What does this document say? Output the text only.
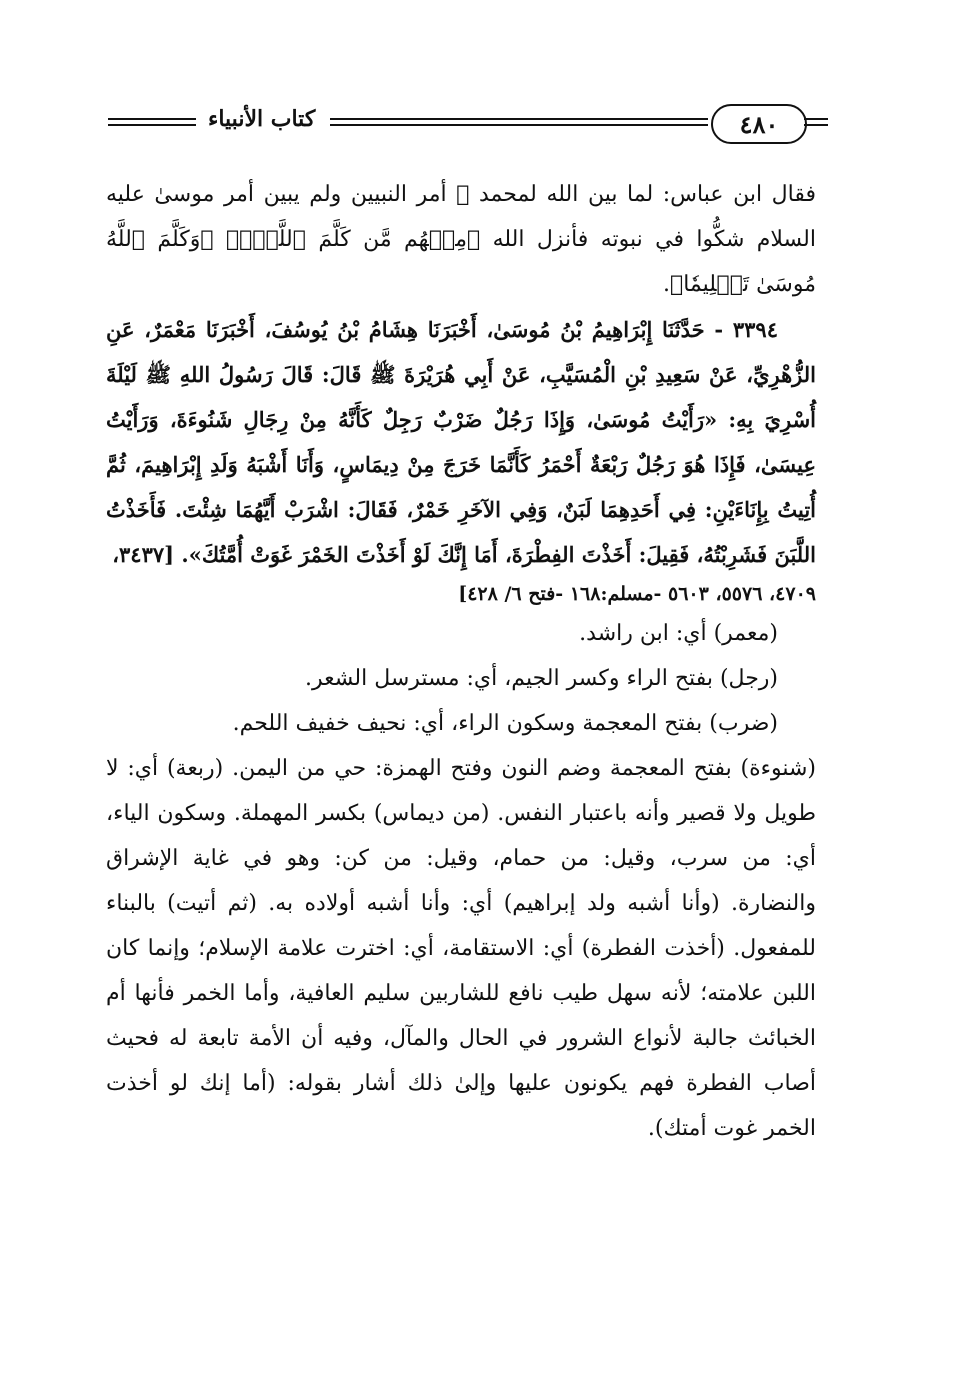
كتاب الأنبياء	٤٨٠

فقال ابن عباس: لما بين الله لمحمد ﷺ أمر النبيين ولم يبين أمر موسىٰ عليه السلام شكُّوا في نبوته فأنزل الله ﴿مِنۡهُم مَّن كَلَّمَ ٱللَّهُۖ﴾ ﴿وَكَلَّمَ ٱللَّهُ مُوسَىٰ تَكۡلِيمٗا﴾.

٣٣٩٤ - حَدَّثَنَا إِبْرَاهِيمُ بْنُ مُوسَىٰ، أَخْبَرَنَا هِشَامُ بْنُ يُوسُفَ، أَخْبَرَنَا مَعْمَرٌ، عَنِ الزُّهْرِيِّ، عَنْ سَعِيدِ بْنِ الْمُسَيَّبِ، عَنْ أَبِي هُرَيْرَةَ ﷺ قَالَ: قَالَ رَسُولُ اللهِ ﷺ لَيْلَةَ أُسْرِيَ بِهِ: «رَأَيْتُ مُوسَىٰ، وَإِذَا رَجُلٌ ضَرْبٌ رَجِلٌ كَأَنَّهُ مِنْ رِجَالِ شَنُوءَةَ، وَرَأَيْتُ عِيسَىٰ، فَإِذَا هُوَ رَجُلٌ رَبْعَةٌ أَحْمَرُ كَأَنَّمَا خَرَجَ مِنْ دِيمَاسٍ، وَأَنَا أَشْبَهُ وَلَدِ إِبْرَاهِيمَ، ثُمَّ أُتِيتُ بِإِنَاءَيْنِ: فِي أَحَدِهِمَا لَبَنٌ، وَفِي الآخَرِ خَمْرٌ، فَقَالَ: اشْرَبْ أَيَّهُمَا شِئْتَ. فَأَخَذْتُ اللَّبَنَ فَشَرِبْتُهُ، فَقِيلَ: أَخَذْتَ الفِطْرَةَ، أَمَا إِنَّكَ لَوْ أَخَذْتَ الخَمْرَ غَوَتْ أُمَّتُكَ». [٣٤٣٧،

٤٧٠٩، ٥٥٧٦، ٥٦٠٣ -مسلم:١٦٨ -فتح ٦/ ٤٢٨]

(معمر) أي: ابن راشد.

(رجل) بفتح الراء وكسر الجيم، أي: مسترسل الشعر.

(ضرب) بفتح المعجمة وسكون الراء، أي: نحيف خفيف اللحم.

(شنوءة) بفتح المعجمة وضم النون وفتح الهمزة: حي من اليمن. (ربعة) أي: لا طويل ولا قصير وأنه باعتبار النفس. (من ديماس) بكسر المهملة. وسكون الياء، أي: من سرب، وقيل: من حمام، وقيل: من كن: وهو في غاية الإشراق والنضارة. (وأنا أشبه ولد إبراهيم) أي: وأنا أشبه أولاده به. (ثم أتيت) بالبناء للمفعول. (أخذت الفطرة) أي: الاستقامة، أي: اخترت علامة الإسلام؛ وإنما كان اللبن علامته؛ لأنه سهل طيب نافع للشاربين سليم العافية، وأما الخمر فأنها أم الخبائث جالبة لأنواع الشرور في الحال والمآل، وفيه أن الأمة تابعة له فحيث أصاب الفطرة فهم يكونون عليها وإلىٰ ذلك أشار بقوله: (أما إنك لو أخذت الخمر غوت أمتك).
